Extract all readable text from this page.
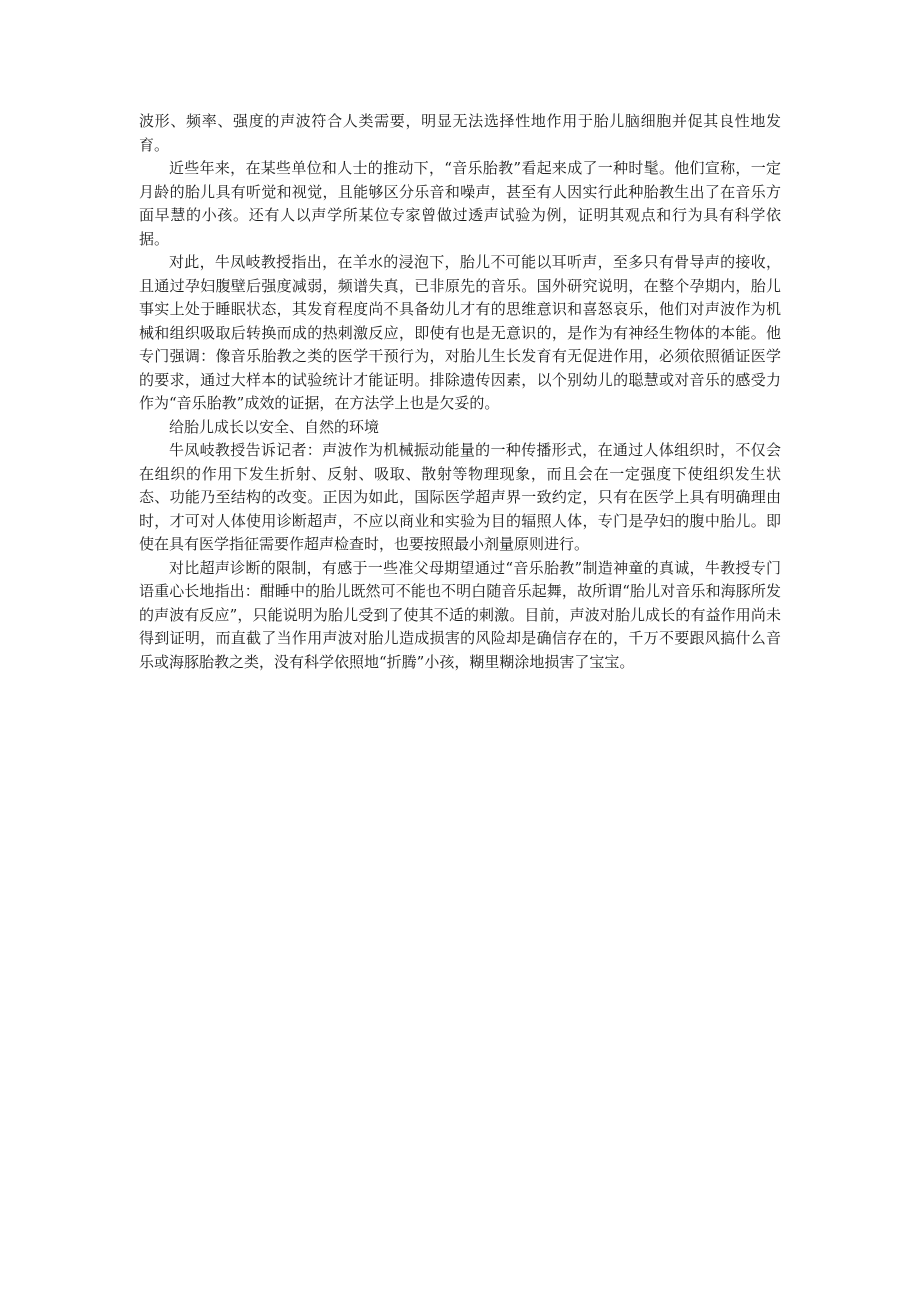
波形、频率、强度的声波符合人类需要，明显无法选择性地作用于胎儿脑细胞并促其良性地发育。

近些年来，在某些单位和人士的推动下，“音乐胎教”看起来成了一种时髦。他们宣称，一定月龄的胎儿具有听觉和视觉，且能够区分乐音和噪声，甚至有人因实行此种胎教生出了在音乐方面早慧的小孩。还有人以声学所某位专家曾做过透声试验为例，证明其观点和行为具有科学依据。

对此，牛凤岐教授指出，在羊水的浸泡下，胎儿不可能以耳听声，至多只有骨导声的接收，且通过孕妇腹壁后强度减弱，频谱失真，已非原先的音乐。国外研究说明，在整个孕期内，胎儿事实上处于睡眠状态，其发育程度尚不具备幼儿才有的思维意识和喜怒哀乐，他们对声波作为机械和组织吸取后转换而成的热刺激反应，即使有也是无意识的，是作为有神经生物体的本能。他专门强调：像音乐胎教之类的医学干预行为，对胎儿生长发育有无促进作用，必须依照循证医学的要求，通过大样本的试验统计才能证明。排除遗传因素，以个别幼儿的聪慧或对音乐的感受力作为“音乐胎教”成效的证据，在方法学上也是欠妥的。

给胎儿成长以安全、自然的环境

牛凤岐教授告诉记者：声波作为机械振动能量的一种传播形式，在通过人体组织时，不仅会在组织的作用下发生折射、反射、吸取、散射等物理现象，而且会在一定强度下使组织发生状态、功能乃至结构的改变。正因为如此，国际医学超声界一致约定，只有在医学上具有明确理由时，才可对人体使用诊断超声，不应以商业和实验为目的辐照人体，专门是孕妇的腹中胎儿。即使在具有医学指征需要作超声检查时，也要按照最小剂量原则进行。

对比超声诊断的限制，有感于一些准父母期望通过“音乐胎教”制造神童的真诚，牛教授专门语重心长地指出：酣睡中的胎儿既然可不能也不明白随音乐起舞，故所谓“胎儿对音乐和海豚所发的声波有反应”，只能说明为胎儿受到了使其不适的刺激。目前，声波对胎儿成长的有益作用尚未得到证明，而直截了当作用声波对胎儿造成损害的风险却是确信存在的，千万不要跟风搞什么音乐或海豚胎教之类，没有科学依照地“折腾”小孩，糊里糊涂地损害了宝宝。
